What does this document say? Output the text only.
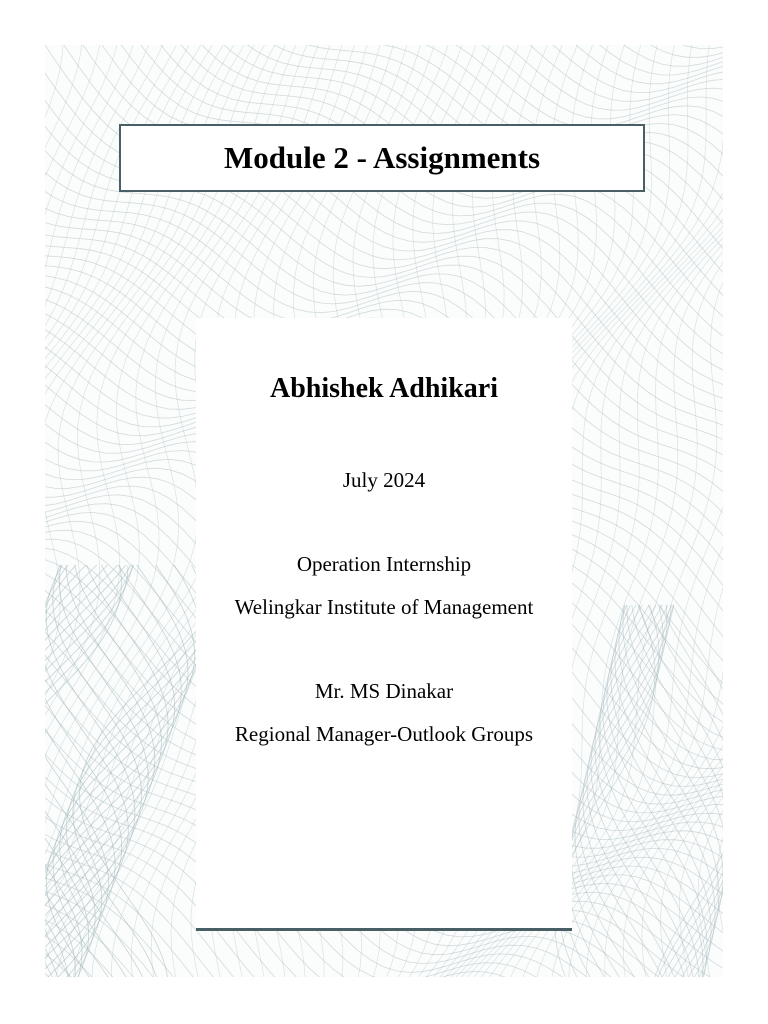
Module 2 - Assignments
Abhishek Adhikari
July 2024
Operation Internship
Welingkar Institute of Management
Mr. MS Dinakar
Regional Manager-Outlook Groups
